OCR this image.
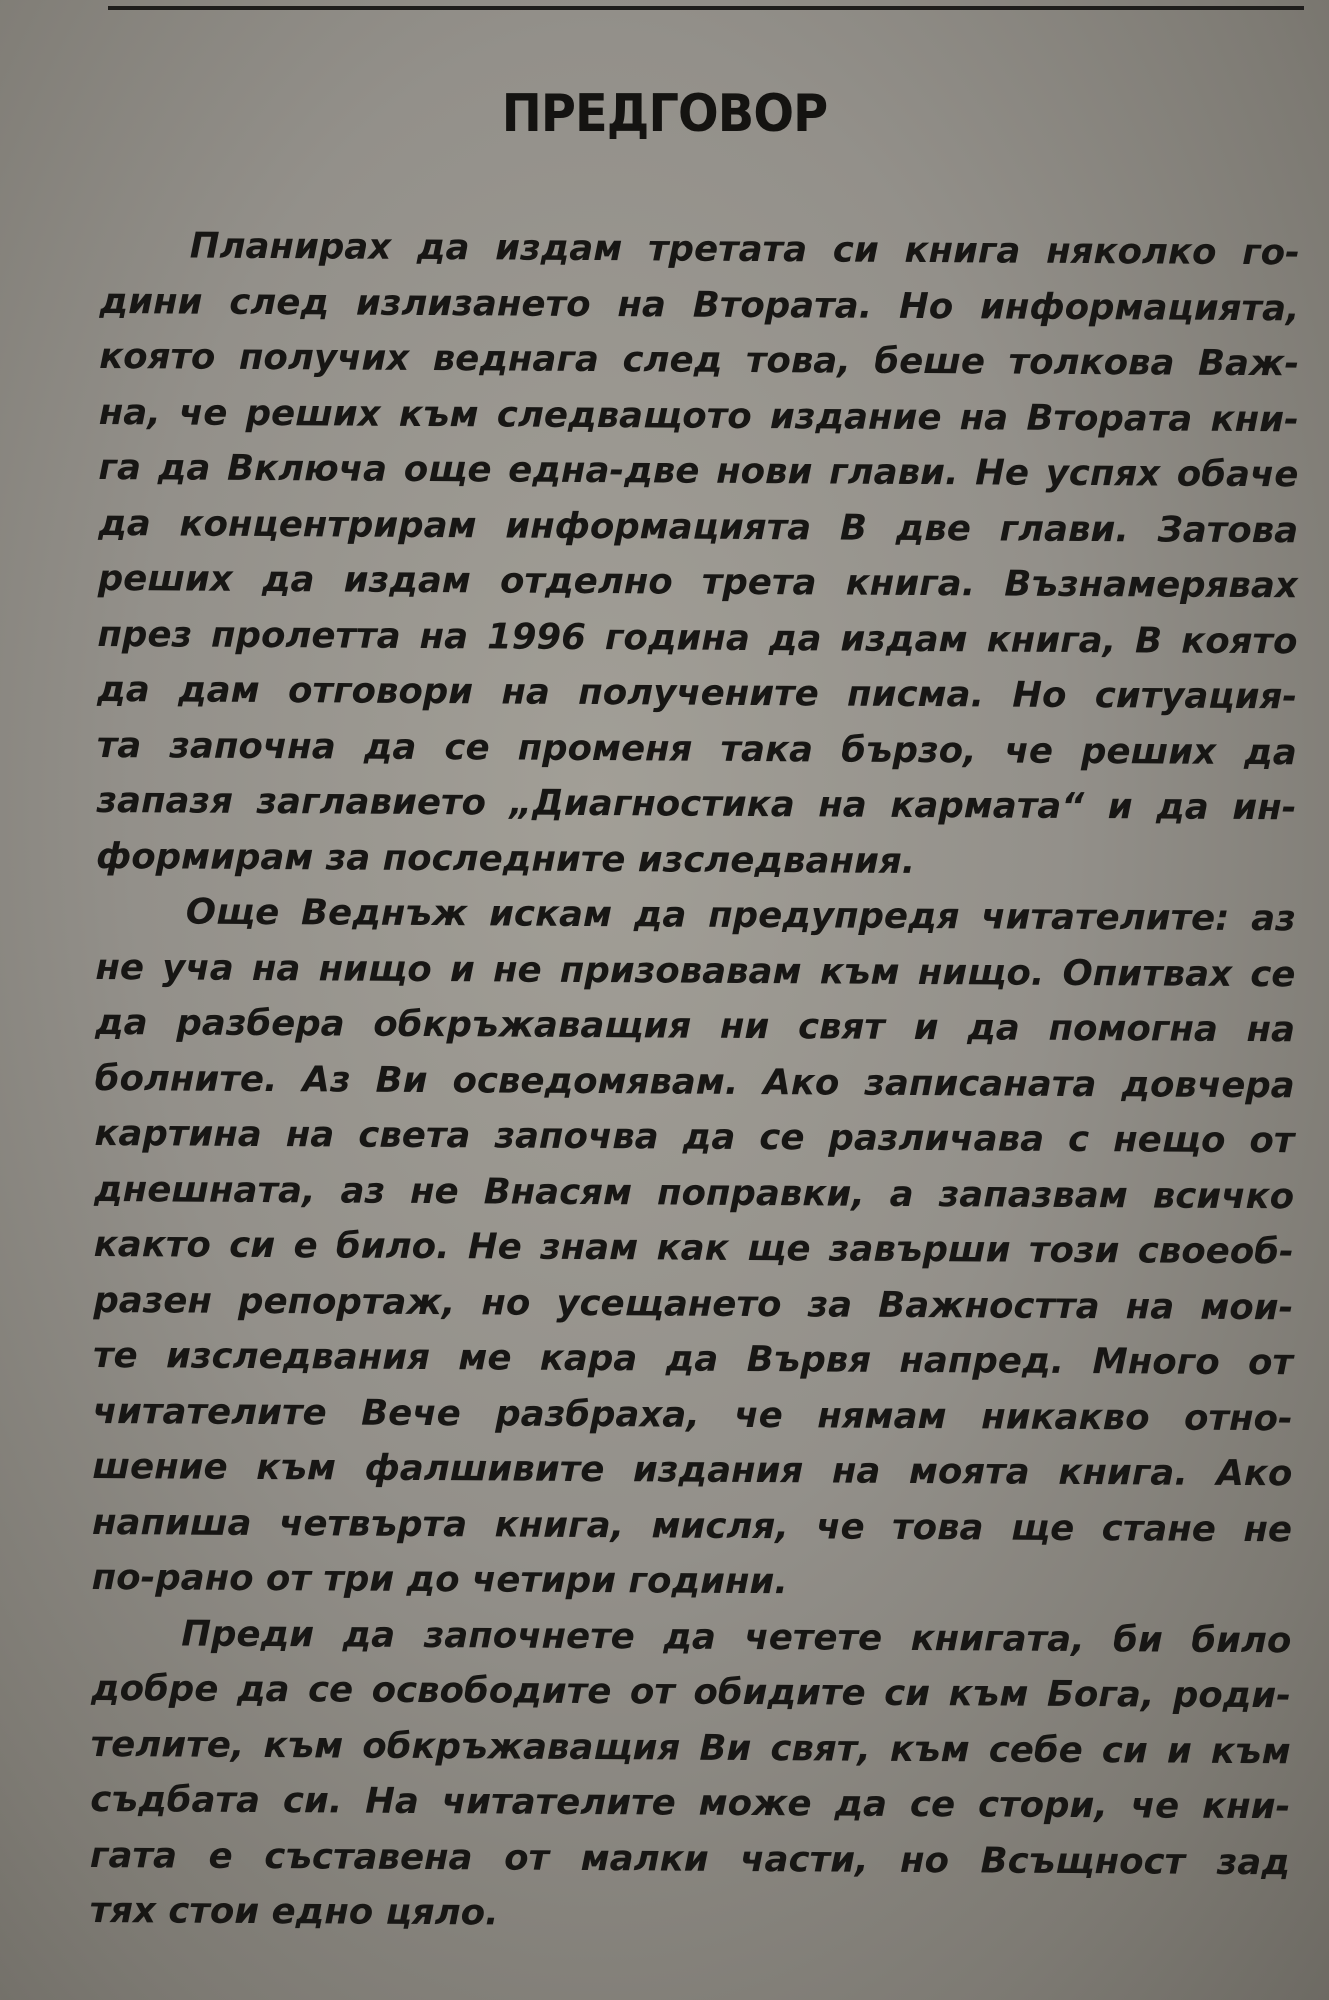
ПРЕДГОВОР
Планирах да издам третата си книга няколко го-
дини след излизането на Втората. Но информацията,
която получих веднага след това, беше толкова Важ-
на, че реших към следващото издание на Втората кни-
га да Включа още една-две нови глави. Не успях обаче
да концентрирам информацията В две глави. Затова
реших да издам отделно трета книга. Възнамерявах
през пролетта на 1996 година да издам книга, В която
да дам отговори на получените писма. Но ситуация-
та започна да се променя така бързо, че реших да
запазя заглавието „Диагностика на кармата“ и да ин-
формирам за последните изследвания.
Още Веднъж искам да предупредя читателите: аз
не уча на нищо и не призовавам към нищо. Опитвах се
да разбера обкръжаващия ни свят и да помогна на
болните. Аз Ви осведомявам. Ако записаната довчера
картина на света започва да се различава с нещо от
днешната, аз не Внасям поправки, а запазвам всичко
както си е било. Не знам как ще завърши този своеоб-
разен репортаж, но усещането за Важността на мои-
те изследвания ме кара да Вървя напред. Много от
читателите Вече разбраха, че нямам никакво отно-
шение към фалшивите издания на моята книга. Ако
напиша четвърта книга, мисля, че това ще стане не
по-рано от три до четири години.
Преди да започнете да четете книгата, би било
добре да се освободите от обидите си към Бога, роди-
телите, към обкръжаващия Ви свят, към себе си и към
съдбата си. На читателите може да се стори, че кни-
гата е съставена от малки части, но Всъщност зад
тях стои едно цяло.
